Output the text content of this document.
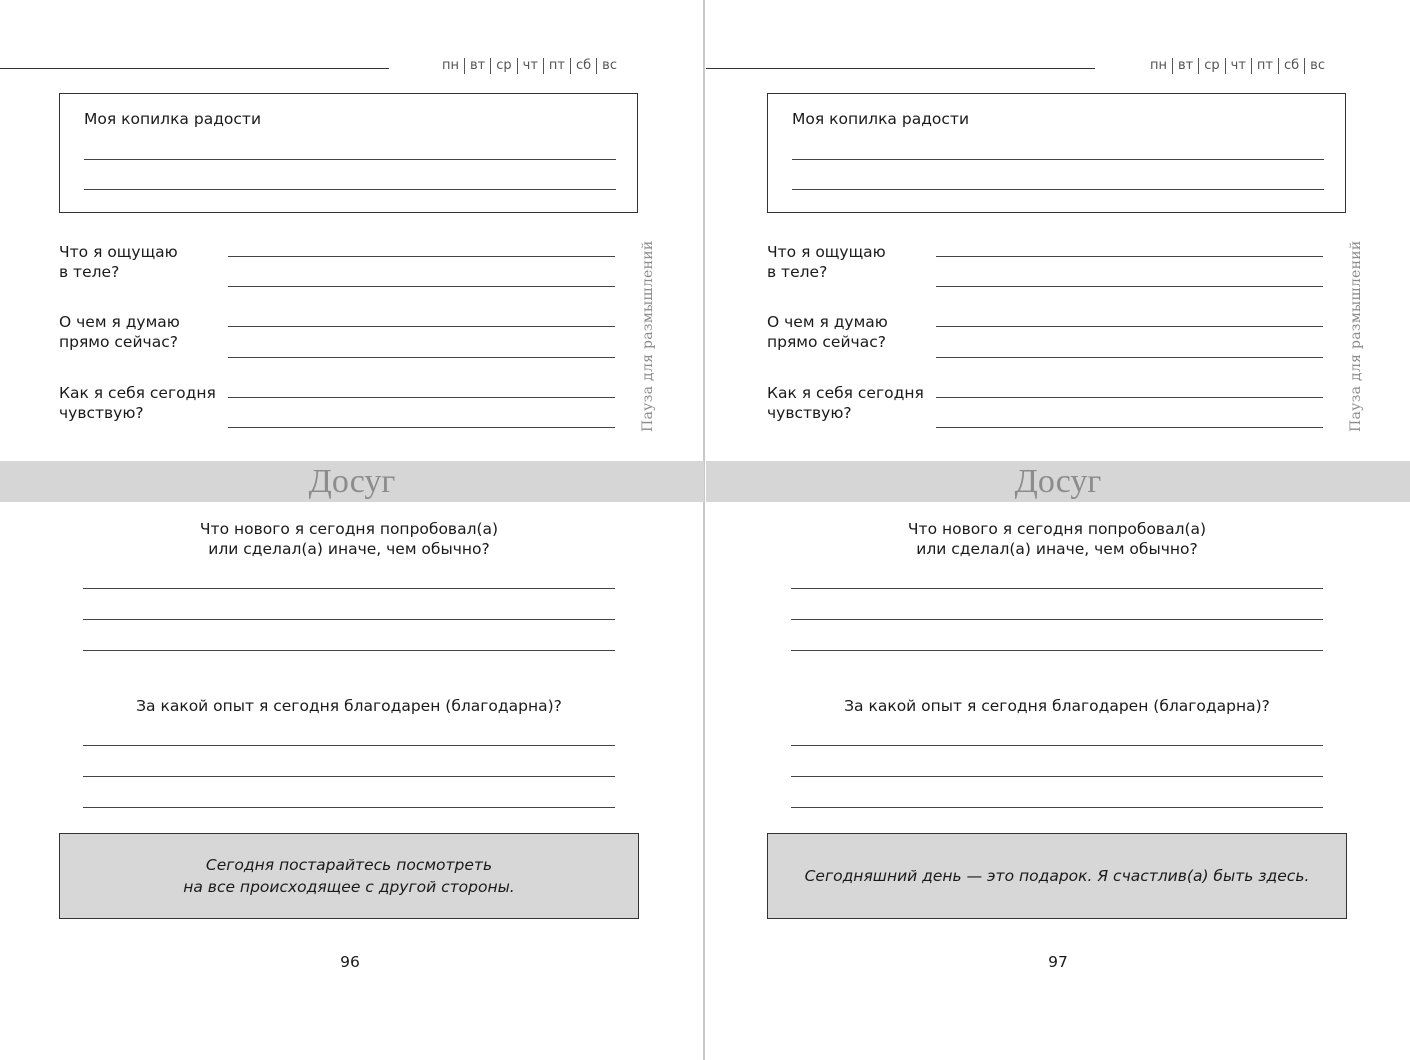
пн вт ср чт пт сб вс
Моя копилка радости
Что я ощущаю
в теле?
О чем я думаю
прямо сейчас?
Как я себя сегодня
чувствую?	Пауза для размышлений
Досуг
Что нового я сегодня попробовал(а)
или сделал(а) иначе, чем обычно?
За какой опыт я сегодня благодарен (благодарна)?
Сегодня постарайтесь посмотреть
на все происходящее с другой стороны.
96
пн вт ср чт пт сб вс
Моя копилка радости
Что я ощущаю
в теле?
О чем я думаю
прямо сейчас?
Как я себя сегодня
чувствую?	Пауза для размышлений
Досуг
Что нового я сегодня попробовал(а)
или сделал(а) иначе, чем обычно?
За какой опыт я сегодня благодарен (благодарна)?
Сегодняшний день — это подарок. Я счастлив(а) быть здесь.
97
